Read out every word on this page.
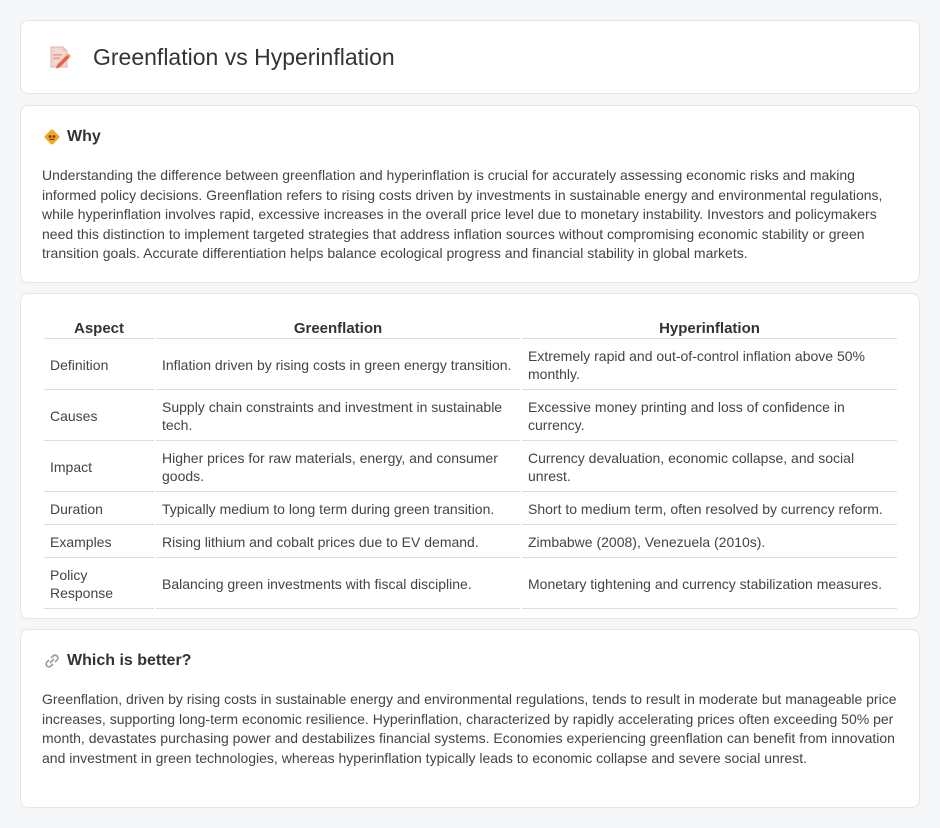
Greenflation vs Hyperinflation
Why

Understanding the difference between greenflation and hyperinflation is crucial for accurately assessing economic risks and making informed policy decisions. Greenflation refers to rising costs driven by investments in sustainable energy and environmental regulations, while hyperinflation involves rapid, excessive increases in the overall price level due to monetary instability. Investors and policymakers need this distinction to implement targeted strategies that address inflation sources without compromising economic stability or green transition goals. Accurate differentiation helps balance ecological progress and financial stability in global markets.

Aspect	Greenflation	Hyperinflation
Definition	Inflation driven by rising costs in green energy transition.	Extremely rapid and out-of-control inflation above 50% monthly.
Causes	Supply chain constraints and investment in sustainable tech.	Excessive money printing and loss of confidence in currency.
Impact	Higher prices for raw materials, energy, and consumer goods.	Currency devaluation, economic collapse, and social unrest.
Duration	Typically medium to long term during green transition.	Short to medium term, often resolved by currency reform.
Examples	Rising lithium and cobalt prices due to EV demand.	Zimbabwe (2008), Venezuela (2010s).
Policy Response	Balancing green investments with fiscal discipline.	Monetary tightening and currency stabilization measures.
Which is better?

Greenflation, driven by rising costs in sustainable energy and environmental regulations, tends to result in moderate but manageable price increases, supporting long-term economic resilience. Hyperinflation, characterized by rapidly accelerating prices often exceeding 50% per month, devastates purchasing power and destabilizes financial systems. Economies experiencing greenflation can benefit from innovation and investment in green technologies, whereas hyperinflation typically leads to economic collapse and severe social unrest.
